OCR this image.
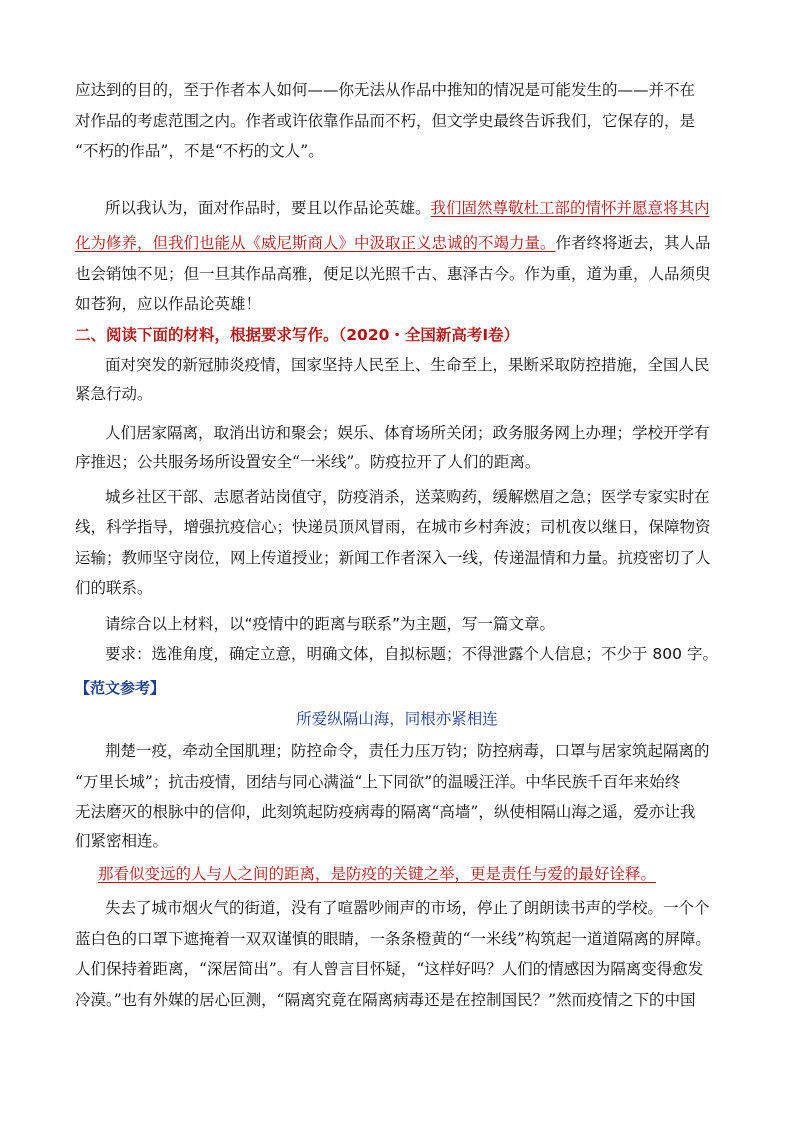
应达到的目的，至于作者本人如何——你无法从作品中推知的情况是可能发生的——并不在
对作品的考虑范围之内。作者或许依靠作品而不朽，但文学史最终告诉我们，它保存的，是
“不朽的作品”，不是“不朽的文人”。
所以我认为，面对作品时，要且以作品论英雄。我们固然尊敬杜工部的情怀并愿意将其内
化为修养，但我们也能从《威尼斯商人》中汲取正义忠诚的不竭力量。作者终将逝去，其人品
也会销蚀不见；但一旦其作品高雅，便足以光照千古、惠泽古今。作为重，道为重，人品须臾
如苍狗，应以作品论英雄！
二、阅读下面的材料，根据要求写作。（2020・全国新高考Ⅰ卷）
面对突发的新冠肺炎疫情，国家坚持人民至上、生命至上，果断采取防控措施，全国人民
紧急行动。
人们居家隔离，取消出访和聚会；娱乐、体育场所关闭；政务服务网上办理；学校开学有
序推迟；公共服务场所设置安全“一米线”。防疫拉开了人们的距离。
城乡社区干部、志愿者站岗值守，防疫消杀，送菜购药，缓解燃眉之急；医学专家实时在
线，科学指导，增强抗疫信心；快递员顶风冒雨，在城市乡村奔波；司机夜以继日，保障物资
运输；教师坚守岗位，网上传道授业；新闻工作者深入一线，传递温情和力量。抗疫密切了人
们的联系。
请综合以上材料，以“疫情中的距离与联系”为主题，写一篇文章。
要求：选准角度，确定立意，明确文体，自拟标题；不得泄露个人信息；不少于 800 字。
【范文参考】
所爱纵隔山海，同根亦紧相连
荆楚一疫，牵动全国肌理；防控命令，责任力压万钧；防控病毒，口罩与居家筑起隔离的
“万里长城”；抗击疫情，团结与同心满溢“上下同欲”的温暖汪洋。中华民族千百年来始终
无法磨灭的根脉中的信仰，此刻筑起防疫病毒的隔离“高墙”，纵使相隔山海之遥，爱亦让我
们紧密相连。
那看似变远的人与人之间的距离，是防疫的关键之举，更是责任与爱的最好诠释。
失去了城市烟火气的街道，没有了喧嚣吵闹声的市场，停止了朗朗读书声的学校。一个个
蓝白色的口罩下遮掩着一双双谨慎的眼睛，一条条橙黄的“一米线”构筑起一道道隔离的屏障。
人们保持着距离，“深居简出”。有人曾言目怀疑，“这样好吗？人们的情感因为隔离变得愈发
冷漠。”也有外媒的居心叵测，“隔离究竟在隔离病毒还是在控制国民？”然而疫情之下的中国
